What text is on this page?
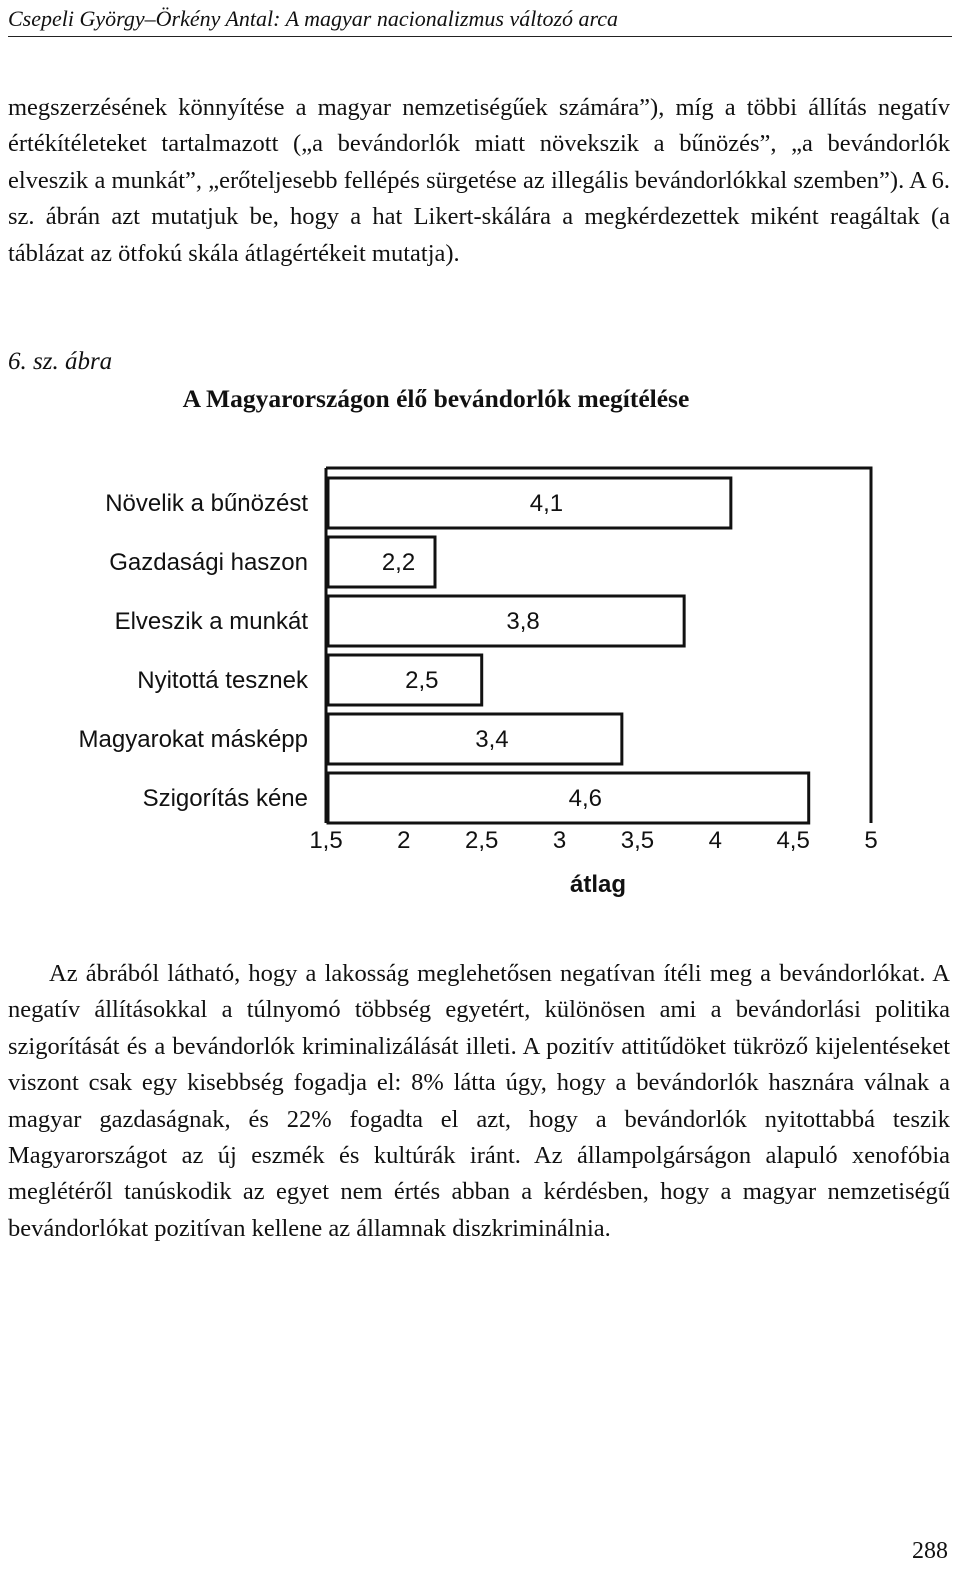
Csepeli György–Örkény Antal: A magyar nacionalizmus változó arca

megszerzésének könnyítése a magyar nemzetiségűek számára”), míg a többi állítás negatív értékítéleteket tartalmazott („a bevándorlók miatt növekszik a bűnözés”, „a bevándorlók elveszik a munkát”, „erőteljesebb fellépés sürgetése az illegális bevándorlókkal szemben”). A 6. sz. ábrán azt mutatjuk be, hogy a hat Likert-skálára a megkérdezettek miként reagáltak (a táblázat az ötfokú skála átlagértékeit mutatja).

6. sz. ábra
A Magyarországon élő bevándorlók megítélése
4,1
Növelik a bűnözést
2,2
Gazdasági haszon
3,8
Elveszik a munkát
2,5
Nyitottá tesznek
3,4
Magyarokat másképp
4,6
Szigorítás kéne
1,5 2 2,5 3 3,5 4 4,5 5
átlag

Az ábrából látható, hogy a lakosság meglehetősen negatívan ítéli meg a bevándorlókat. A negatív állításokkal a túlnyomó többség egyetért, különösen ami a bevándorlási politika szigorítását és a bevándorlók kriminalizálását illeti. A pozitív attitűdöket tükröző kijelentéseket viszont csak egy kisebbség fogadja el: 8% látta úgy, hogy a bevándorlók hasznára válnak a magyar gazdaságnak, és 22% fogadta el azt, hogy a bevándorlók nyitottabbá teszik Magyarországot az új eszmék és kultúrák iránt. Az állampolgárságon alapuló xenofóbia meglétéről tanúskodik az egyet nem értés abban a kérdésben, hogy a magyar nemzetiségű bevándorlókat pozitívan kellene az államnak diszkriminálnia.

288
